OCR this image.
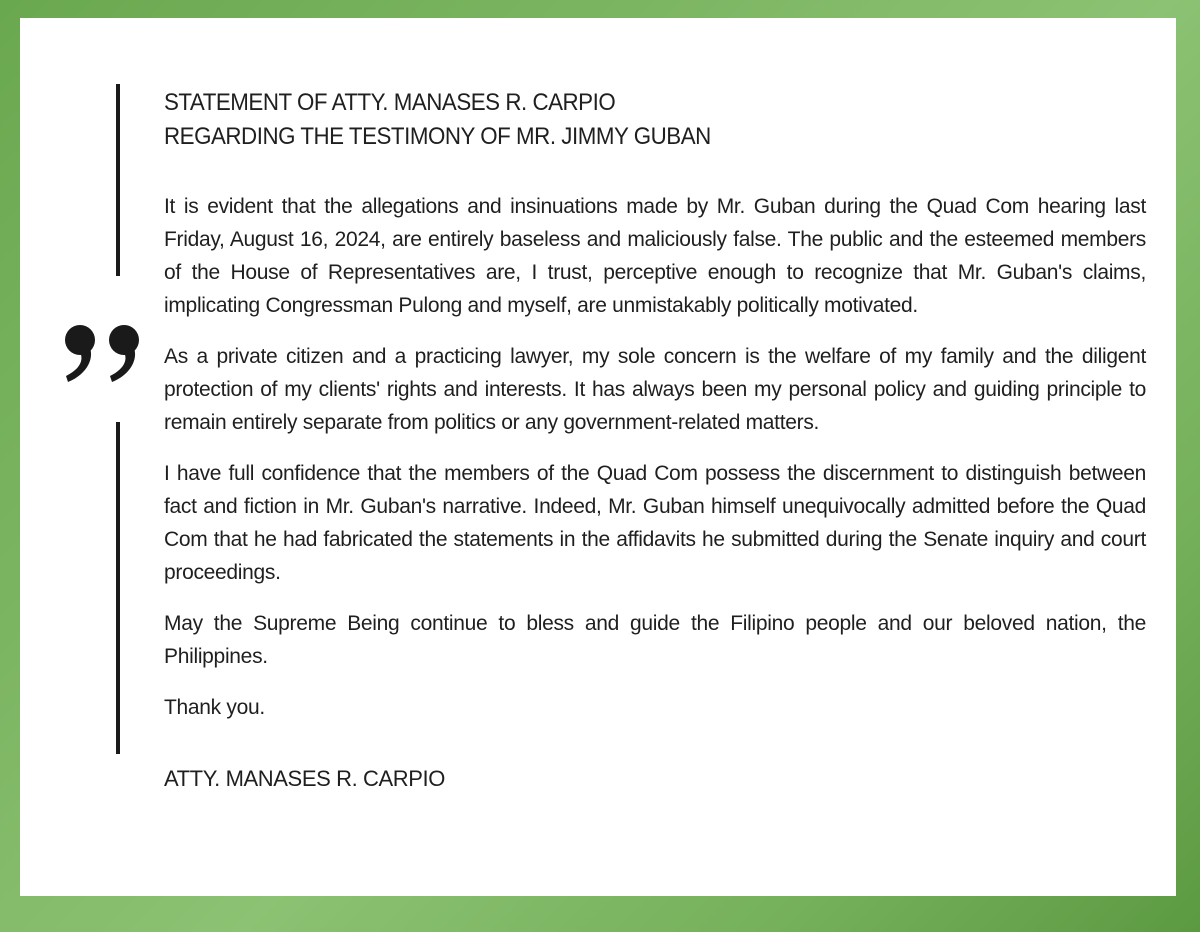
STATEMENT OF ATTY. MANASES R. CARPIO
REGARDING THE TESTIMONY OF MR. JIMMY GUBAN

It is evident that the allegations and insinuations made by Mr. Guban during the Quad Com hearing last Friday, August 16, 2024, are entirely baseless and maliciously false. The public and the esteemed members of the House of Representatives are, I trust, perceptive enough to recognize that Mr. Guban's claims, implicating Congressman Pulong and myself, are unmistakably politically motivated.

As a private citizen and a practicing lawyer, my sole concern is the welfare of my family and the diligent protection of my clients' rights and interests. It has always been my personal policy and guiding principle to remain entirely separate from politics or any government-related matters.

I have full confidence that the members of the Quad Com possess the discernment to distinguish between fact and fiction in Mr. Guban's narrative. Indeed, Mr. Guban himself unequivocally admitted before the Quad Com that he had fabricated the statements in the affidavits he submitted during the Senate inquiry and court proceedings.

May the Supreme Being continue to bless and guide the Filipino people and our beloved nation, the Philippines.

Thank you.
ATTY. MANASES R. CARPIO
